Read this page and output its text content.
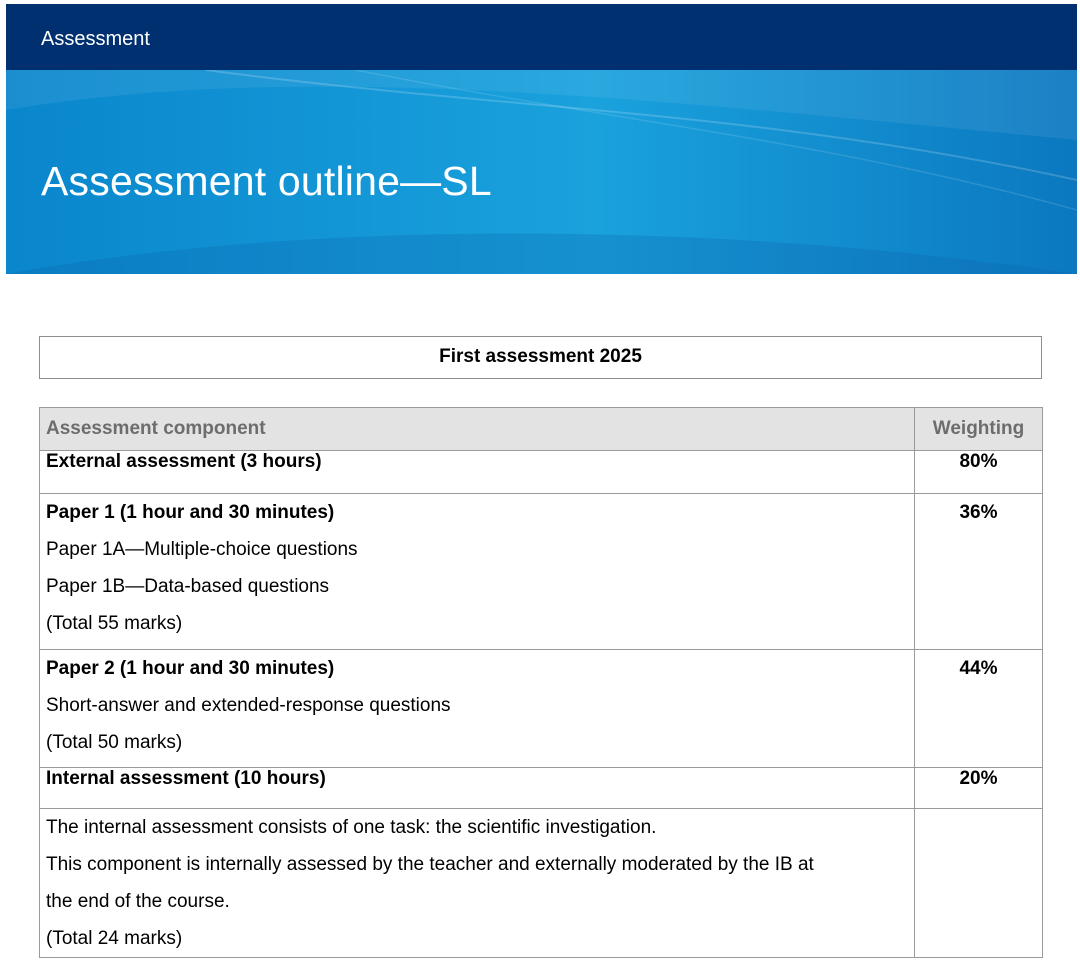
Assessment
Assessment outline—SL
First assessment 2025
Assessment component	Weighting
External assessment (3 hours)	80%

Paper 1 (1 hour and 30 minutes)
Paper 1A—Multiple-choice questions
Paper 1B—Data-based questions
(Total 55 marks)	36%

Paper 2 (1 hour and 30 minutes)
Short-answer and extended-response questions
(Total 50 marks)	44%

Internal assessment (10 hours)	20%

The internal assessment consists of one task: the scientific investigation.
This component is internally assessed by the teacher and externally moderated by the IB at
the end of the course.
(Total 24 marks)	
